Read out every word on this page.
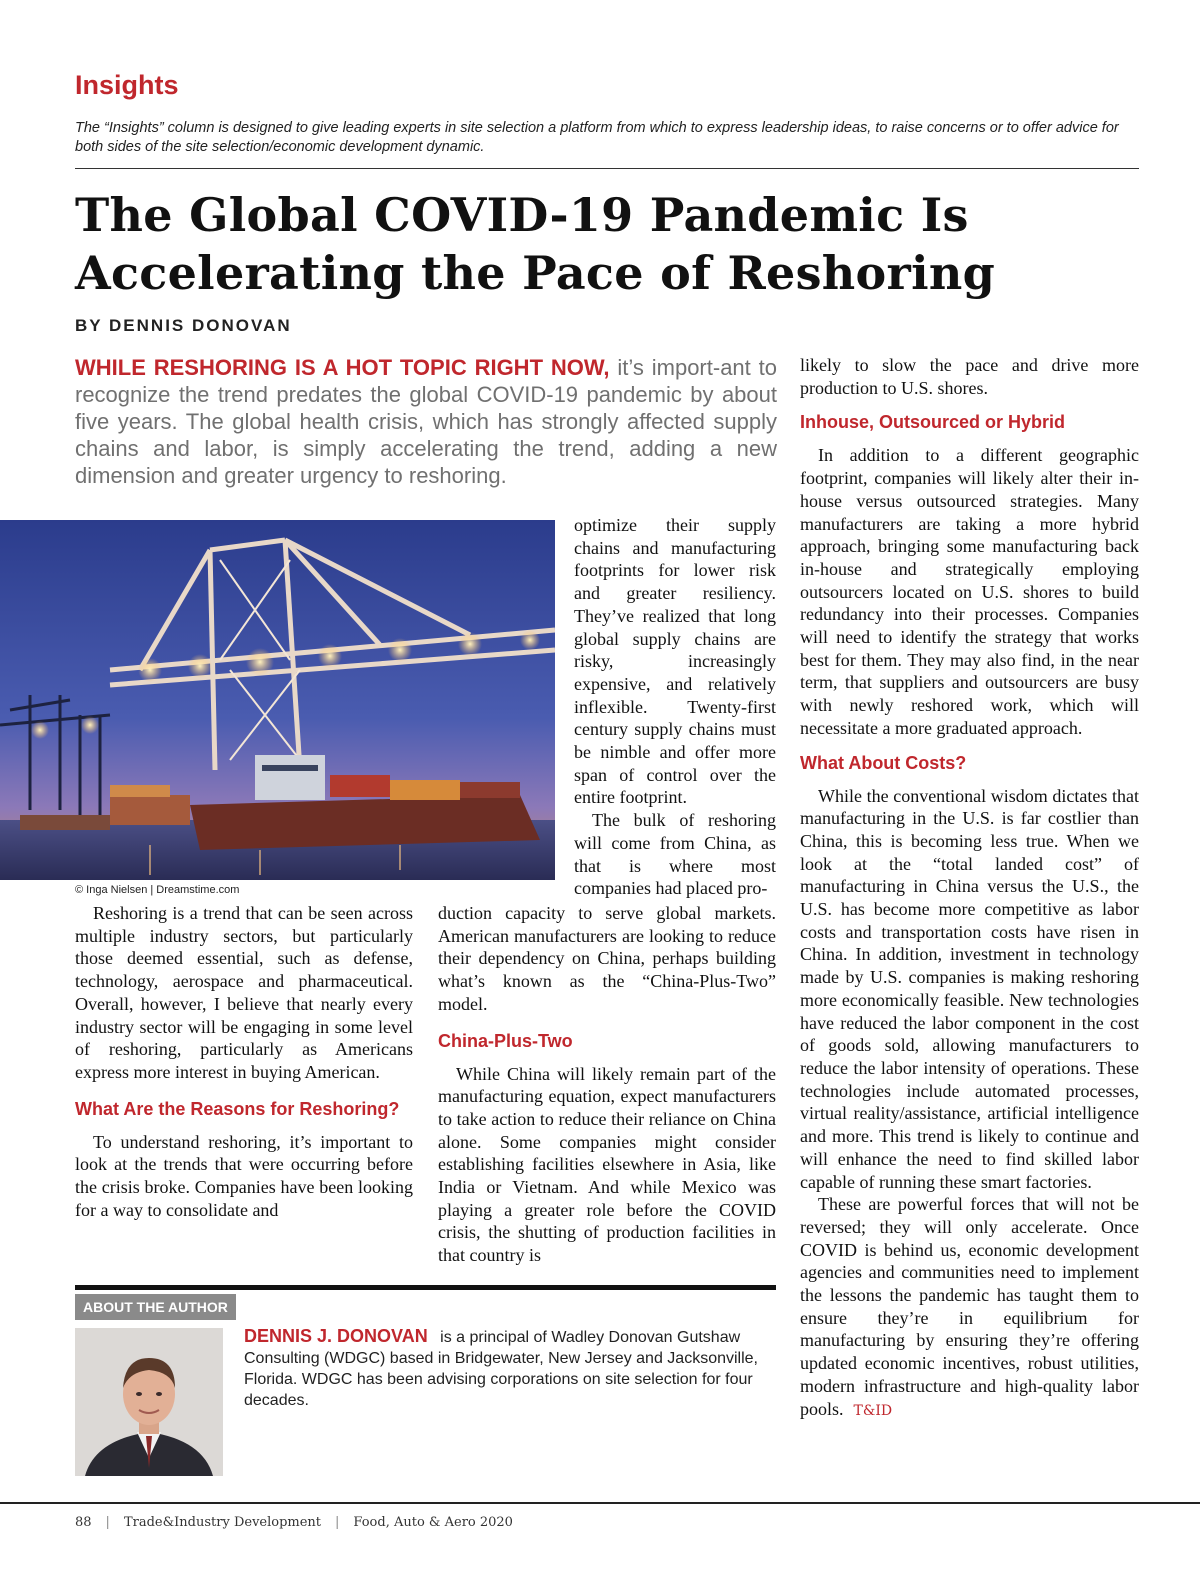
Insights
The “Insights” column is designed to give leading experts in site selection a platform from which to express leadership ideas, to raise concerns or to offer advice for both sides of the site selection/economic development dynamic.
The Global COVID-19 Pandemic Is
Accelerating the Pace of Reshoring
BY DENNIS DONOVAN
WHILE RESHORING IS A HOT TOPIC RIGHT NOW, it’s import-ant to recognize the trend predates the global COVID-19 pandemic by about five years. The global health crisis, which has strongly affected supply chains and labor, is simply accelerating the trend, adding a new dimension and greater urgency to reshoring.
© Inga Nielsen | Dreamstime.com
optimize their supply chains and manufacturing footprints for lower risk and greater resiliency. They’ve realized that long global supply chains are risky, increasingly expensive, and relatively inflexible. Twenty-first century supply chains must be nimble and offer more span of control over the entire footprint.

The bulk of reshoring will come from China, as that is where most companies had placed pro-

Reshoring is a trend that can be seen across multiple industry sectors, but particularly those deemed essential, such as defense, technology, aerospace and pharmaceutical. Overall, however, I believe that nearly every industry sector will be engaging in some level of reshoring, particularly as Americans express more interest in buying American.

What Are the Reasons for Reshoring?

To understand reshoring, it’s important to look at the trends that were occurring before the crisis broke. Companies have been looking for a way to consolidate and

duction capacity to serve global markets. American manufacturers are looking to reduce their dependency on China, perhaps building what’s known as the “China-Plus-Two” model.
China-Plus-Two

While China will likely remain part of the manufacturing equation, expect manufacturers to take action to reduce their reliance on China alone. Some companies might consider establishing facilities elsewhere in Asia, like India or Vietnam. And while Mexico was playing a greater role before the COVID crisis, the shutting of production facilities in that country is

likely to slow the pace and drive more production to U.S. shores.
Inhouse, Outsourced or Hybrid

In addition to a different geographic footprint, companies will likely alter their in-house versus outsourced strategies. Many manufacturers are taking a more hybrid approach, bringing some manufacturing back in-house and strategically employing outsourcers located on U.S. shores to build redundancy into their processes. Companies will need to identify the strategy that works best for them. They may also find, in the near term, that suppliers and outsourcers are busy with newly reshored work, which will necessitate a more graduated approach.

What About Costs?

While the conventional wisdom dictates that manufacturing in the U.S. is far costlier than China, this is becoming less true. When we look at the “total landed cost” of manufacturing in China versus the U.S., the U.S. has become more competitive as labor costs and transportation costs have risen in China. In addition, investment in technology made by U.S. companies is making reshoring more economically feasible. New technologies have reduced the labor component in the cost of goods sold, allowing manufacturers to reduce the labor intensity of operations. These technologies include automated processes, virtual reality/assistance, artificial intelligence and more. This trend is likely to continue and will enhance the need to find skilled labor capable of running these smart factories.

These are powerful forces that will not be reversed; they will only accelerate. Once COVID is behind us, economic development agencies and communities need to implement the lessons the pandemic has taught them to ensure they’re in equilibrium for manufacturing by ensuring they’re offering updated economic incentives, robust utilities, modern infrastructure and high-quality labor pools. T&ID

ABOUT THE AUTHOR
DENNIS J. DONOVAN is a principal of Wadley Donovan Gutshaw Consulting (WDGC) based in Bridgewater, New Jersey and Jacksonville, Florida. WDGC has been advising corporations on site selection for four decades.
88 | Trade&Industry Development | Food, Auto & Aero 2020
